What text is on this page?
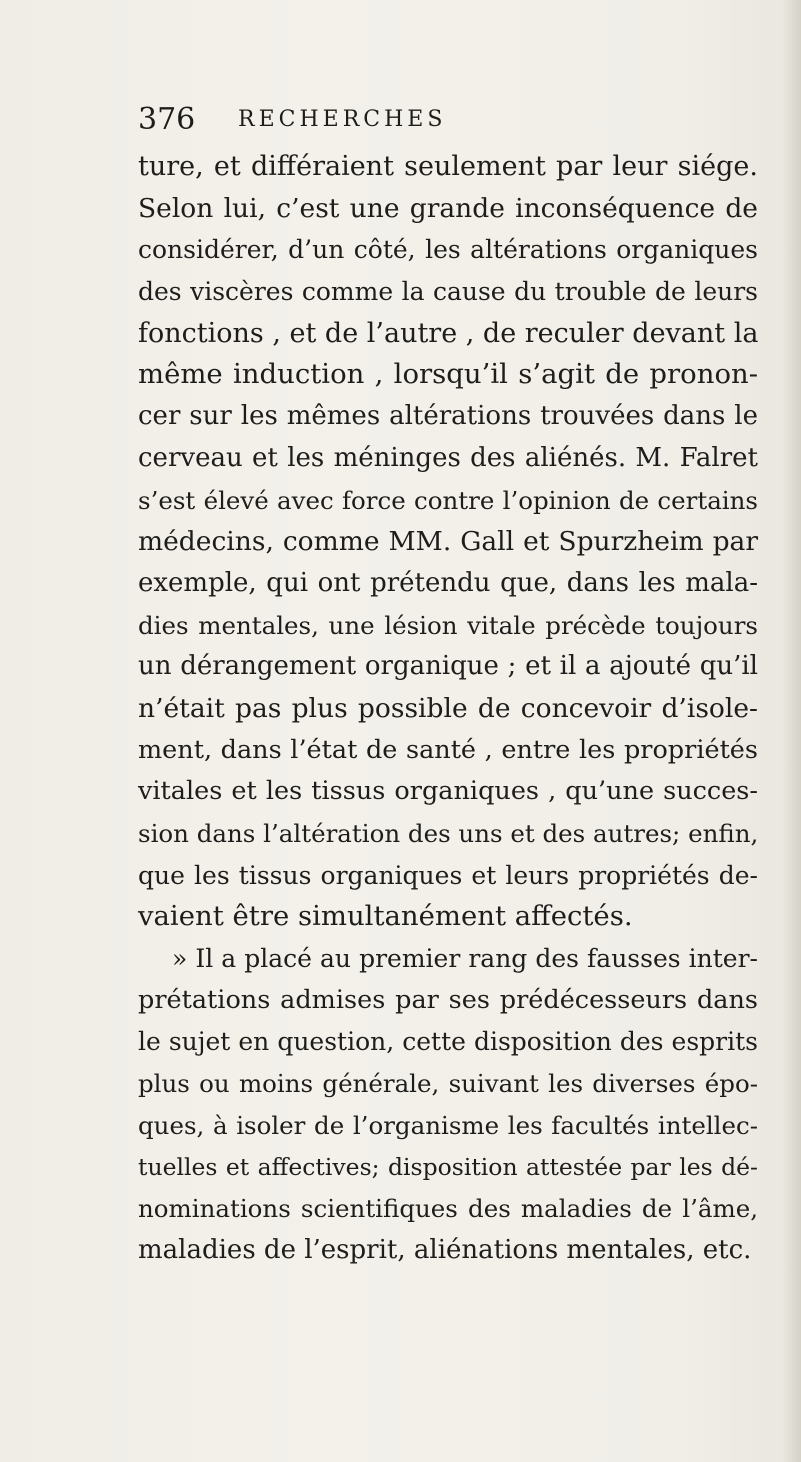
376 RECHERCHES
ture, et différaient seulement par leur siége.
Selon lui, c’est une grande inconséquence de
considérer, d’un côté, les altérations organiques
des viscères comme la cause du trouble de leurs
fonctions , et de l’autre , de reculer devant la
même induction , lorsqu’il s’agit de pronon-
cer sur les mêmes altérations trouvées dans le
cerveau et les méninges des aliénés. M. Falret
s’est élevé avec force contre l’opinion de certains
médecins, comme MM. Gall et Spurzheim par
exemple, qui ont prétendu que, dans les mala-
dies mentales, une lésion vitale précède toujours
un dérangement organique ; et il a ajouté qu’il
n’était pas plus possible de concevoir d’isole-
ment, dans l’état de santé , entre les propriétés
vitales et les tissus organiques , qu’une succes-
sion dans l’altération des uns et des autres; enfin,
que les tissus organiques et leurs propriétés de-
vaient être simultanément affectés.
» Il a placé au premier rang des fausses inter-
prétations admises par ses prédécesseurs dans
le sujet en question, cette disposition des esprits
plus ou moins générale, suivant les diverses épo-
ques, à isoler de l’organisme les facultés intellec-
tuelles et affectives; disposition attestée par les dé-
nominations scientifiques des maladies de l’âme,
maladies de l’esprit, aliénations mentales, etc.
